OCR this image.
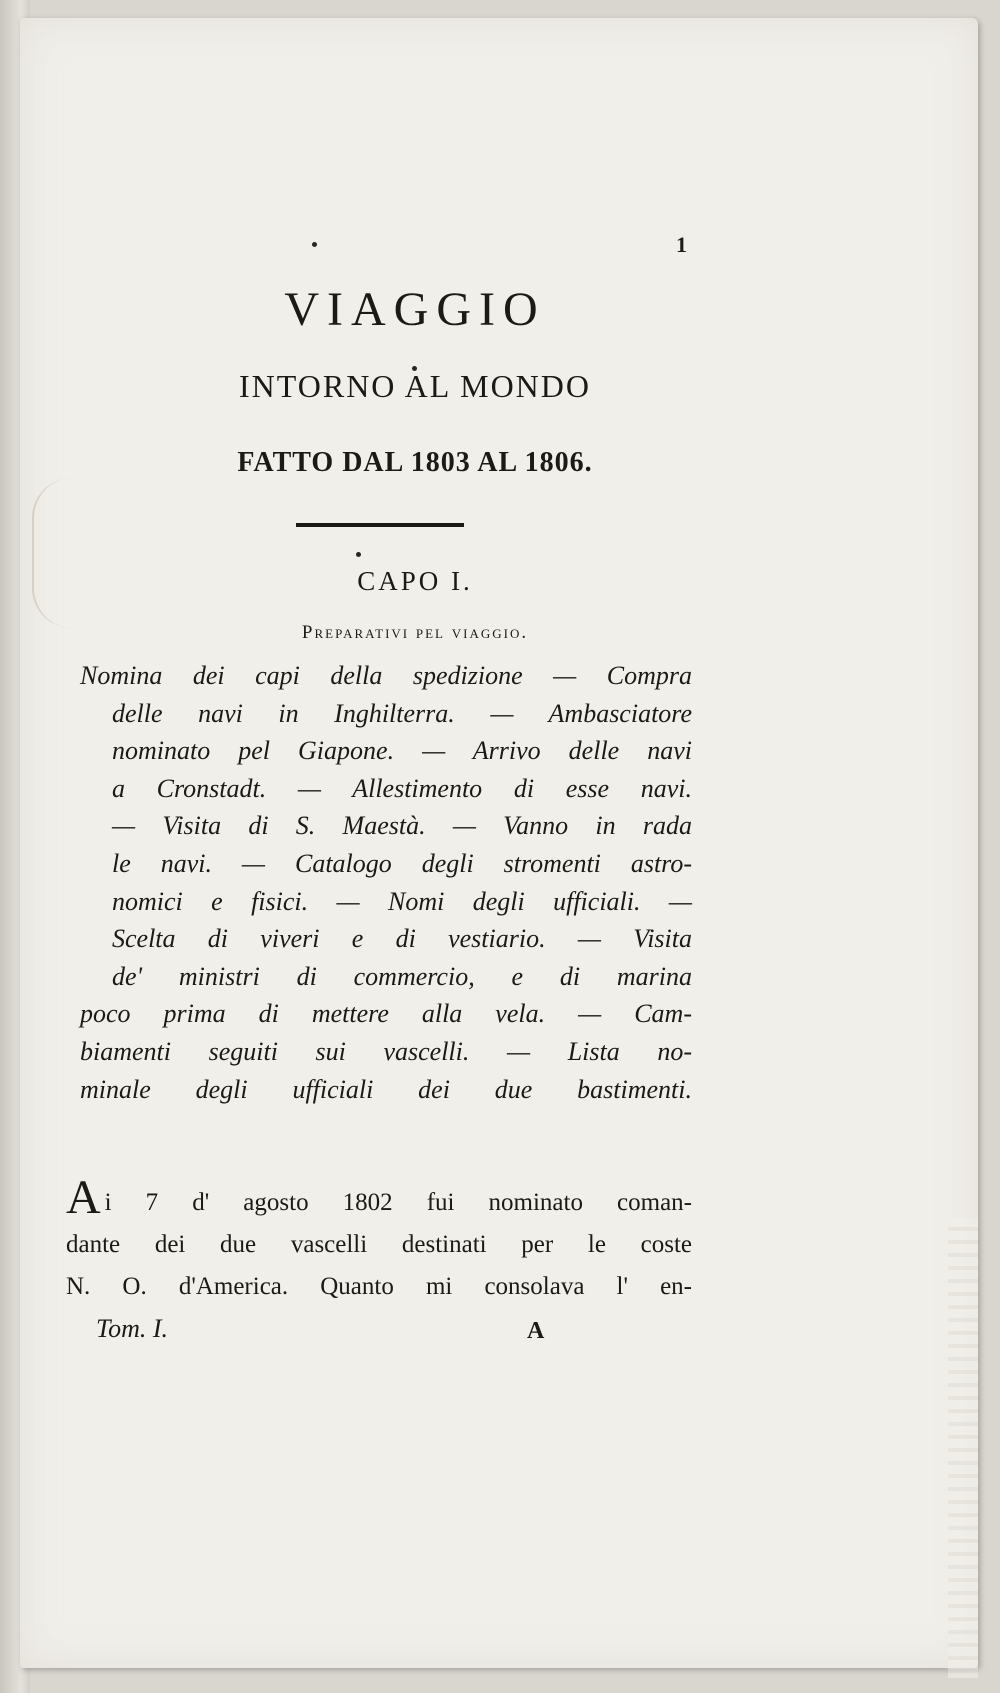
1
VIAGGIO
INTORNO AL MONDO
FATTO DAL 1803 AL 1806.
CAPO I.
Preparativi pel viaggio.
Nomina dei capi della spedizione — Compra
delle navi in Inghilterra. — Ambasciatore
nominato pel Giapone. — Arrivo delle navi
a Cronstadt. — Allestimento di esse navi.
— Visita di S. Maestà. — Vanno in rada
le navi. — Catalogo degli stromenti astro-
nomici e fisici. — Nomi degli ufficiali. —
Scelta di viveri e di vestiario. — Visita
de' ministri di commercio, e di marina
poco prima di mettere alla vela. — Cam-
biamenti seguiti sui vascelli. — Lista no-
minale degli ufficiali dei due bastimenti.
A i 7 d' agosto 1802 fui nominato coman-
dante dei due vascelli destinati per le coste
N. O. d'America. Quanto mi consolava l' en-
Tom. I.	A
